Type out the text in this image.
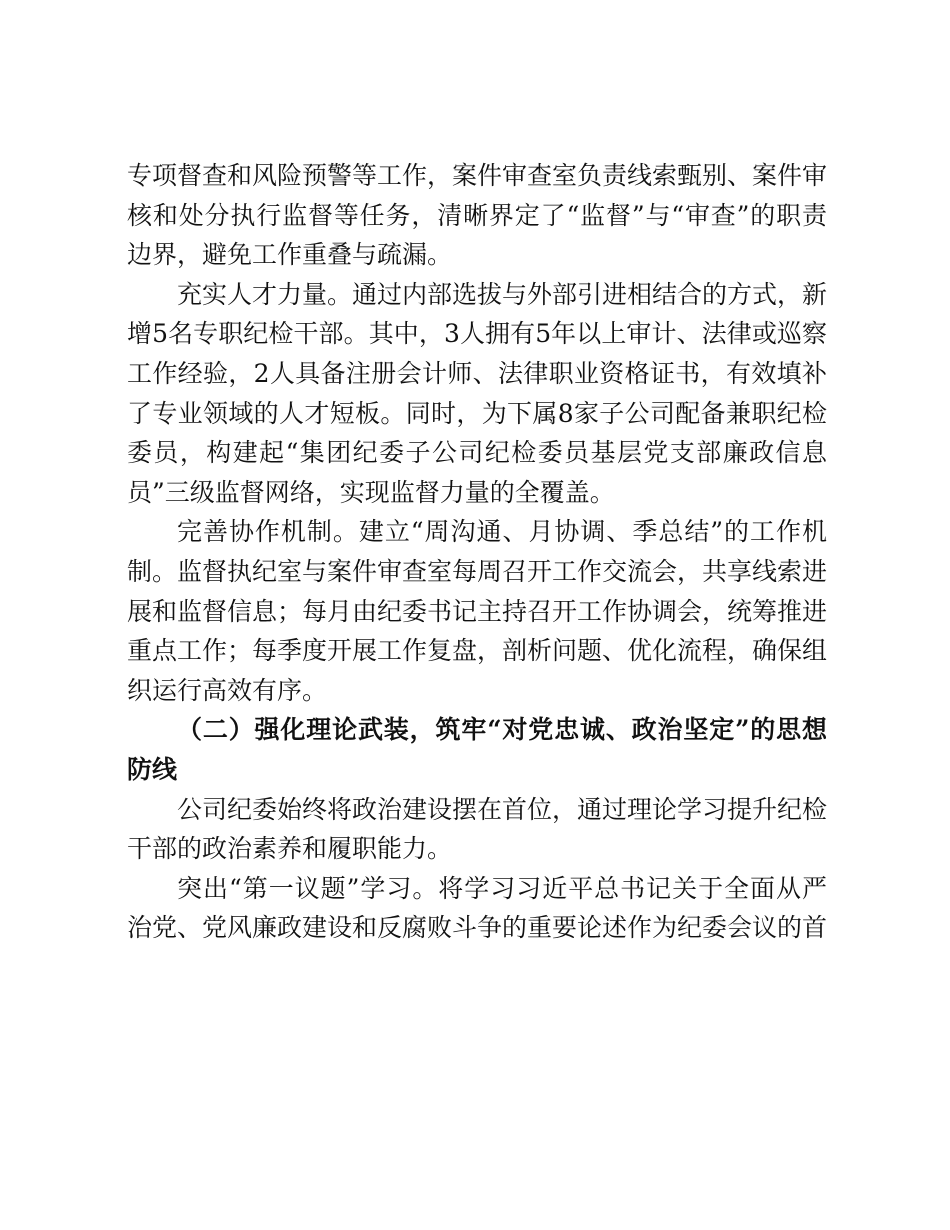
专项督查和风险预警等工作，案件审查室负责线索甄别、案件审核和处分执行监督等任务，清晰界定了“监督”与“审查”的职责边界，避免工作重叠与疏漏。

充实人才力量。通过内部选拔与外部引进相结合的方式，新增5名专职纪检干部。其中，3人拥有5年以上审计、法律或巡察工作经验，2人具备注册会计师、法律职业资格证书，有效填补了专业领域的人才短板。同时，为下属8家子公司配备兼职纪检委员，构建起“集团纪委子公司纪检委员基层党支部廉政信息员”三级监督网络，实现监督力量的全覆盖。

完善协作机制。建立“周沟通、月协调、季总结”的工作机制。监督执纪室与案件审查室每周召开工作交流会，共享线索进展和监督信息；每月由纪委书记主持召开工作协调会，统筹推进重点工作；每季度开展工作复盘，剖析问题、优化流程，确保组织运行高效有序。

（二）强化理论武装，筑牢“对党忠诚、政治坚定”的思想防线

公司纪委始终将政治建设摆在首位，通过理论学习提升纪检干部的政治素养和履职能力。

突出“第一议题”学习。将学习习近平总书记关于全面从严治党、党风廉政建设和反腐败斗争的重要论述作为纪委会议的首
